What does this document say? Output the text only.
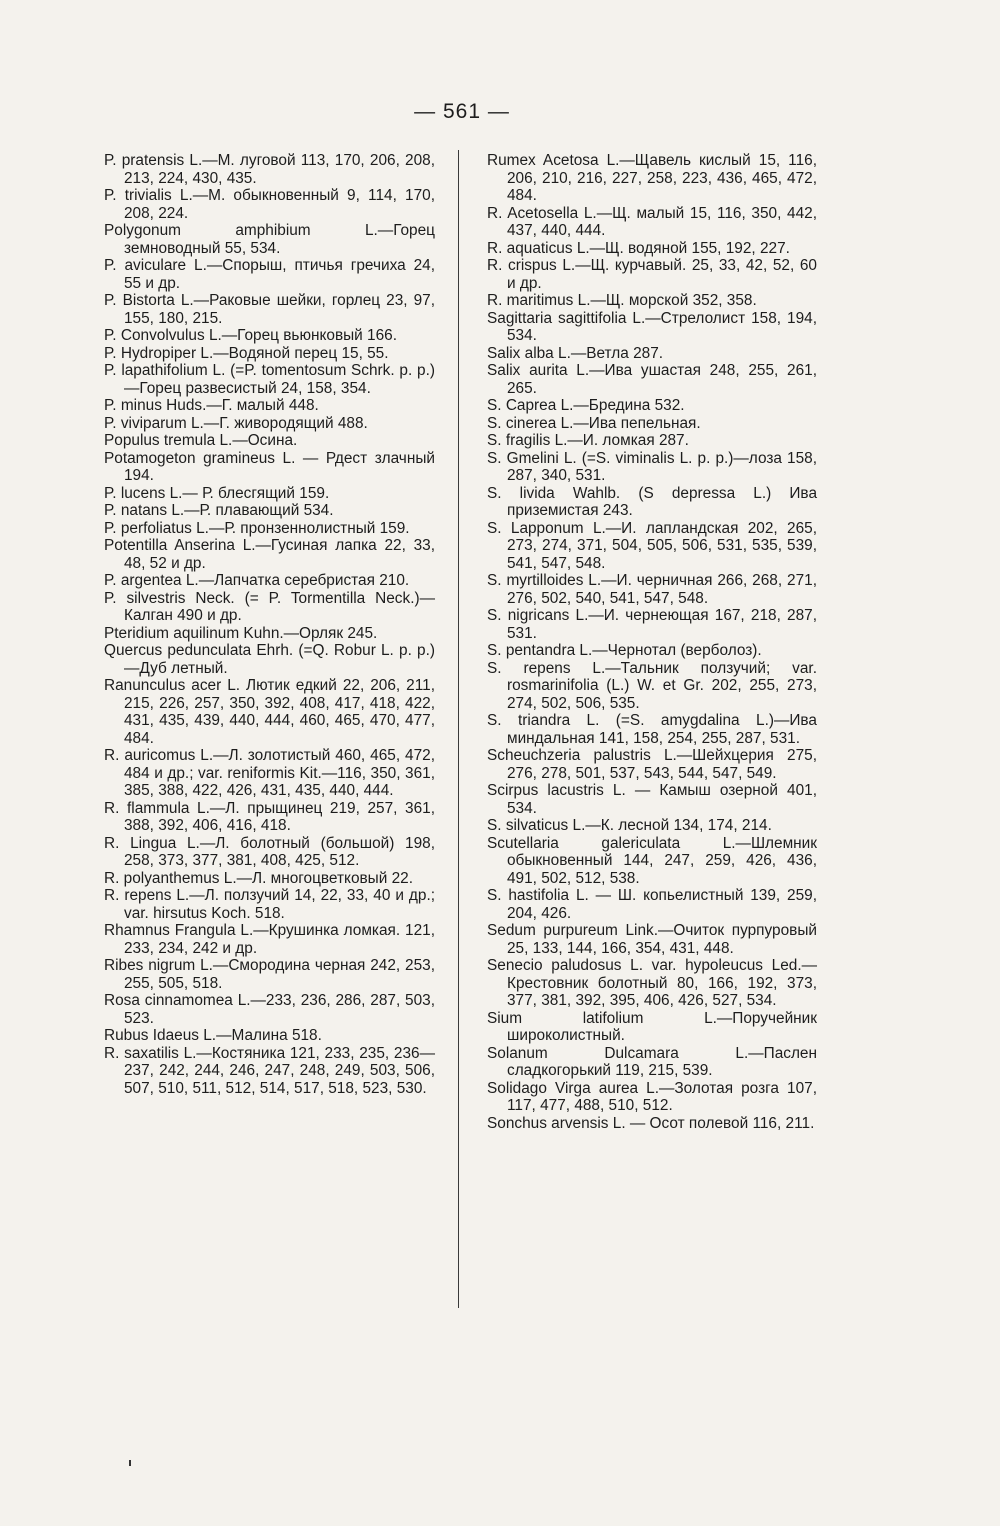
— 561 —
P. pratensis L.—M. луговой 113, 170, 206, 208, 213, 224, 430, 435.
P. trivialis L.—M. обыкновенный 9, 114, 170, 208, 224.
Polygonum amphibium L.—Горец земноводный 55, 534.
P. aviculare L.—Спорыш, птичья гречиха 24, 55 и др.
P. Bistorta L.—Раковые шейки, горлец 23, 97, 155, 180, 215.
P. Convolvulus L.—Горец вьюнковый 166.
P. Hydropiper L.—Водяной перец 15, 55.
P. lapathifolium L. (=P. tomentosum Schrk. p. p.)—Горец развесистый 24, 158, 354.
P. minus Huds.—Г. малый 448.
P. viviparum L.—Г. живородящий 488.
Populus tremula L.—Осина.
Potamogeton gramineus L. — Рдест злачный 194.
P. lucens L.— Р. блесгящий 159.
P. natans L.—Р. плавающий 534.
P. perfoliatus L.—Р. пронзеннолистный 159.
Potentilla Anserina L.—Гусиная лапка 22, 33, 48, 52 и др.
P. argentea L.—Лапчатка серебристая 210.
P. silvestris Neck. (= P. Tormentilla Neck.)—Калган 490 и др.
Pteridium aquilinum Kuhn.—Орляк 245.
Quercus pedunculata Ehrh. (=Q. Robur L. p. p.)—Дуб летный.
Ranunculus acer L. Лютик едкий 22, 206, 211, 215, 226, 257, 350, 392, 408, 417, 418, 422, 431, 435, 439, 440, 444, 460, 465, 470, 477, 484.
R. auricomus L.—Л. золотистый 460, 465, 472, 484 и др.; var. reniformis Kit.—116, 350, 361, 385, 388, 422, 426, 431, 435, 440, 444.
R. flammula L.—Л. прыщинец 219, 257, 361, 388, 392, 406, 416, 418.
R. Lingua L.—Л. болотный (большой) 198, 258, 373, 377, 381, 408, 425, 512.
R. polyanthemus L.—Л. многоцветковый 22.
R. repens L.—Л. ползучий 14, 22, 33, 40 и др.; var. hirsutus Koch. 518.
Rhamnus Frangula L.—Крушинка ломкая. 121, 233, 234, 242 и др.
Ribes nigrum L.—Смородина черная 242, 253, 255, 505, 518.
Rosa cinnamomea L.—233, 236, 286, 287, 503, 523.
Rubus Idaeus L.—Малина 518.
R. saxatilis L.—Костяника 121, 233, 235, 236—237, 242, 244, 246, 247, 248, 249, 503, 506, 507, 510, 511, 512, 514, 517, 518, 523, 530.
Rumex Acetosa L.—Щавель кислый 15, 116, 206, 210, 216, 227, 258, 223, 436, 465, 472, 484.
R. Acetosella L.—Щ. малый 15, 116, 350, 442, 437, 440, 444.
R. aquaticus L.—Щ. водяной 155, 192, 227.
R. crispus L.—Щ. курчавый. 25, 33, 42, 52, 60 и др.
R. maritimus L.—Щ. морской 352, 358.
Sagittaria sagittifolia L.—Стрелолист 158, 194, 534.
Salix alba L.—Ветла 287.
Salix aurita L.—Ива ушастая 248, 255, 261, 265.
S. Caprea L.—Бредина 532.
S. cinerea L.—Ива пепельная.
S. fragilis L.—И. ломкая 287.
S. Gmelini L. (=S. viminalis L. p. p.)—лоза 158, 287, 340, 531.
S. livida Wahlb. (S depressa L.) Ива приземистая 243.
S. Lapponum L.—И. лапландская 202, 265, 273, 274, 371, 504, 505, 506, 531, 535, 539, 541, 547, 548.
S. myrtilloides L.—И. черничная 266, 268, 271, 276, 502, 540, 541, 547, 548.
S. nigricans L.—И. чернеющая 167, 218, 287, 531.
S. pentandra L.—Чернотал (верболоз).
S. repens L.—Тальник ползучий; var. rosmarinifolia (L.) W. et Gr. 202, 255, 273, 274, 502, 506, 535.
S. triandra L. (=S. amygdalina L.)—Ива миндальная 141, 158, 254, 255, 287, 531.
Scheuchzeria palustris L.—Шейхцерия 275, 276, 278, 501, 537, 543, 544, 547, 549.
Scirpus lacustris L. — Камыш озерной 401, 534.
S. silvaticus L.—К. лесной 134, 174, 214.
Scutellaria galericulata L.—Шлемник обыкновенный 144, 247, 259, 426, 436, 491, 502, 512, 538.
S. hastifolia L. — Ш. копьелистный 139, 259, 204, 426.
Sedum purpureum Link.—Очиток пурпуровый 25, 133, 144, 166, 354, 431, 448.
Senecio paludosus L. var. hypoleucus Led.—Крестовник болотный 80, 166, 192, 373, 377, 381, 392, 395, 406, 426, 527, 534.
Sium latifolium L.—Поручейник широколистный.
Solanum Dulcamara L.—Паслен сладкогорький 119, 215, 539.
Solidago Virga aurea L.—Золотая розга 107, 117, 477, 488, 510, 512.
Sonchus arvensis L. — Осот полевой 116, 211.
